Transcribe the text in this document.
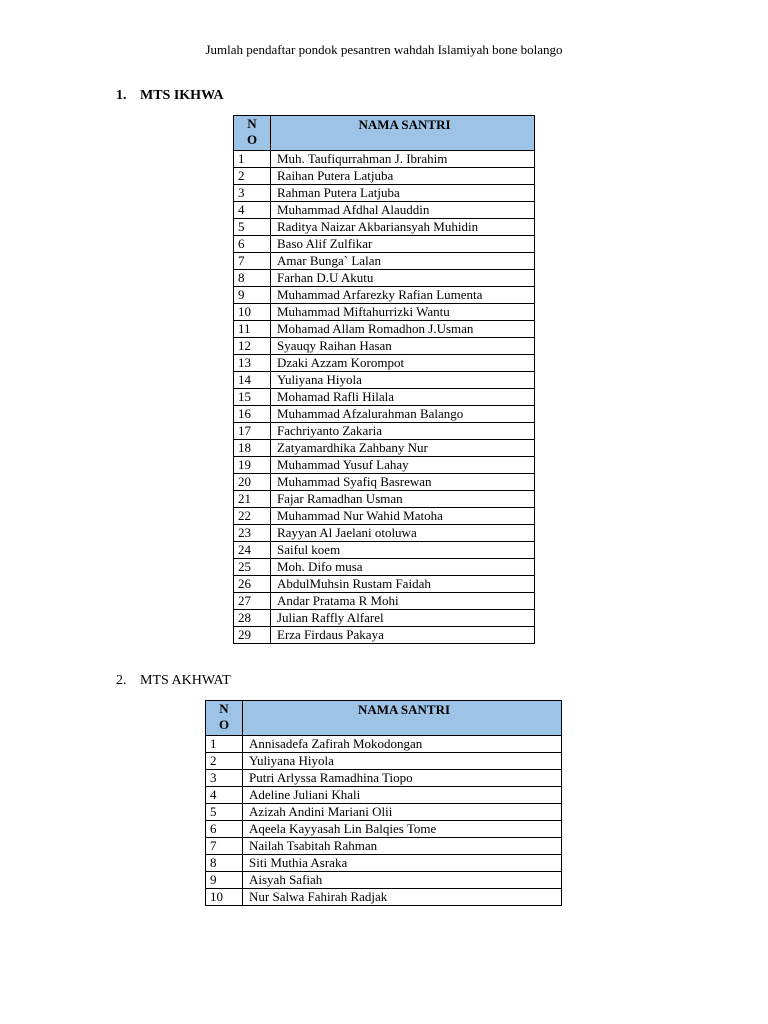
Jumlah pendaftar pondok pesantren wahdah Islamiyah bone bolango
1. MTS IKHWA
N
O	NAMA SANTRI
1	Muh. Taufiqurrahman J. Ibrahim
2	Raihan Putera Latjuba
3	Rahman Putera Latjuba
4	Muhammad Afdhal Alauddin
5	Raditya Naizar Akbariansyah Muhidin
6	Baso Alif Zulfikar
7	Amar Bunga` Lalan
8	Farhan D.U Akutu
9	Muhammad Arfarezky Rafian Lumenta
10	Muhammad Miftahurrizki Wantu
11	Mohamad Allam Romadhon J.Usman
12	Syauqy Raihan Hasan
13	Dzaki Azzam Korompot
14	Yuliyana Hiyola
15	Mohamad Rafli Hilala
16	Muhammad Afzalurahman Balango
17	Fachriyanto Zakaria
18	Zatyamardhika Zahbany Nur
19	Muhammad Yusuf Lahay
20	Muhammad Syafiq Basrewan
21	Fajar Ramadhan Usman
22	Muhammad Nur Wahid Matoha
23	Rayyan Al Jaelani otoluwa
24	Saiful koem
25	Moh. Difo musa
26	AbdulMuhsin Rustam Faidah
27	Andar Pratama R Mohi
28	Julian Raffly Alfarel
29	Erza Firdaus Pakaya
2. MTS AKHWAT
N
O	NAMA SANTRI
1	Annisadefa Zafirah Mokodongan
2	Yuliyana Hiyola
3	Putri Arlyssa Ramadhina Tiopo
4	Adeline Juliani Khali
5	Azizah Andini Mariani Olii
6	Aqeela Kayyasah Lin Balqies Tome
7	Nailah Tsabitah Rahman
8	Siti Muthia Asraka
9	Aisyah Safiah
10	Nur Salwa Fahirah Radjak
